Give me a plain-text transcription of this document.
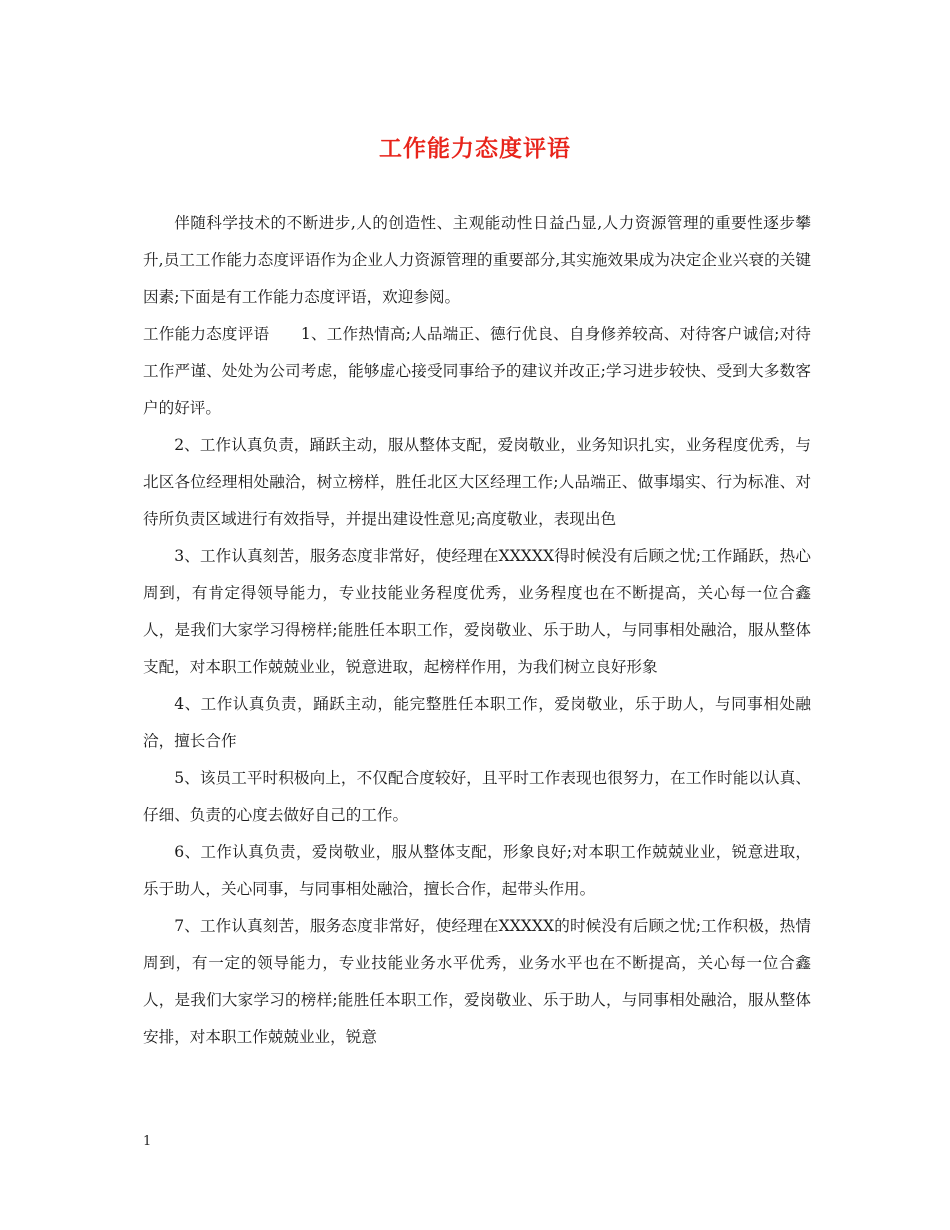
工作能力态度评语

伴随科学技术的不断进步,人的创造性、主观能动性日益凸显,人力资源管理的重要性逐步攀升,员工工作能力态度评语作为企业人力资源管理的重要部分,其实施效果成为决定企业兴衰的关键因素;下面是有工作能力态度评语，欢迎参阅。

工作能力态度评语　　1、工作热情高;人品端正、德行优良、自身修养较高、对待客户诚信;对待工作严谨、处处为公司考虑，能够虚心接受同事给予的建议并改正;学习进步较快、受到大多数客户的好评。

2、工作认真负责，踊跃主动，服从整体支配，爱岗敬业，业务知识扎实，业务程度优秀，与北区各位经理相处融洽，树立榜样，胜任北区大区经理工作;人品端正、做事塌实、行为标准、对待所负责区域进行有效指导，并提出建设性意见;高度敬业，表现出色

3、工作认真刻苦，服务态度非常好，使经理在XXXXX得时候没有后顾之忧;工作踊跃，热心周到，有肯定得领导能力，专业技能业务程度优秀，业务程度也在不断提高，关心每一位合鑫人，是我们大家学习得榜样;能胜任本职工作，爱岗敬业、乐于助人，与同事相处融洽，服从整体支配，对本职工作兢兢业业，锐意进取，起榜样作用，为我们树立良好形象

4、工作认真负责，踊跃主动，能完整胜任本职工作，爱岗敬业，乐于助人，与同事相处融洽，擅长合作

5、该员工平时积极向上，不仅配合度较好，且平时工作表现也很努力，在工作时能以认真、仔细、负责的心度去做好自己的工作。

6、工作认真负责，爱岗敬业，服从整体支配，形象良好;对本职工作兢兢业业，锐意进取，乐于助人，关心同事，与同事相处融洽，擅长合作，起带头作用。

7、工作认真刻苦，服务态度非常好，使经理在XXXXX的时候没有后顾之忧;工作积极，热情周到，有一定的领导能力，专业技能业务水平优秀，业务水平也在不断提高，关心每一位合鑫人，是我们大家学习的榜样;能胜任本职工作，爱岗敬业、乐于助人，与同事相处融洽，服从整体安排，对本职工作兢兢业业，锐意

1
